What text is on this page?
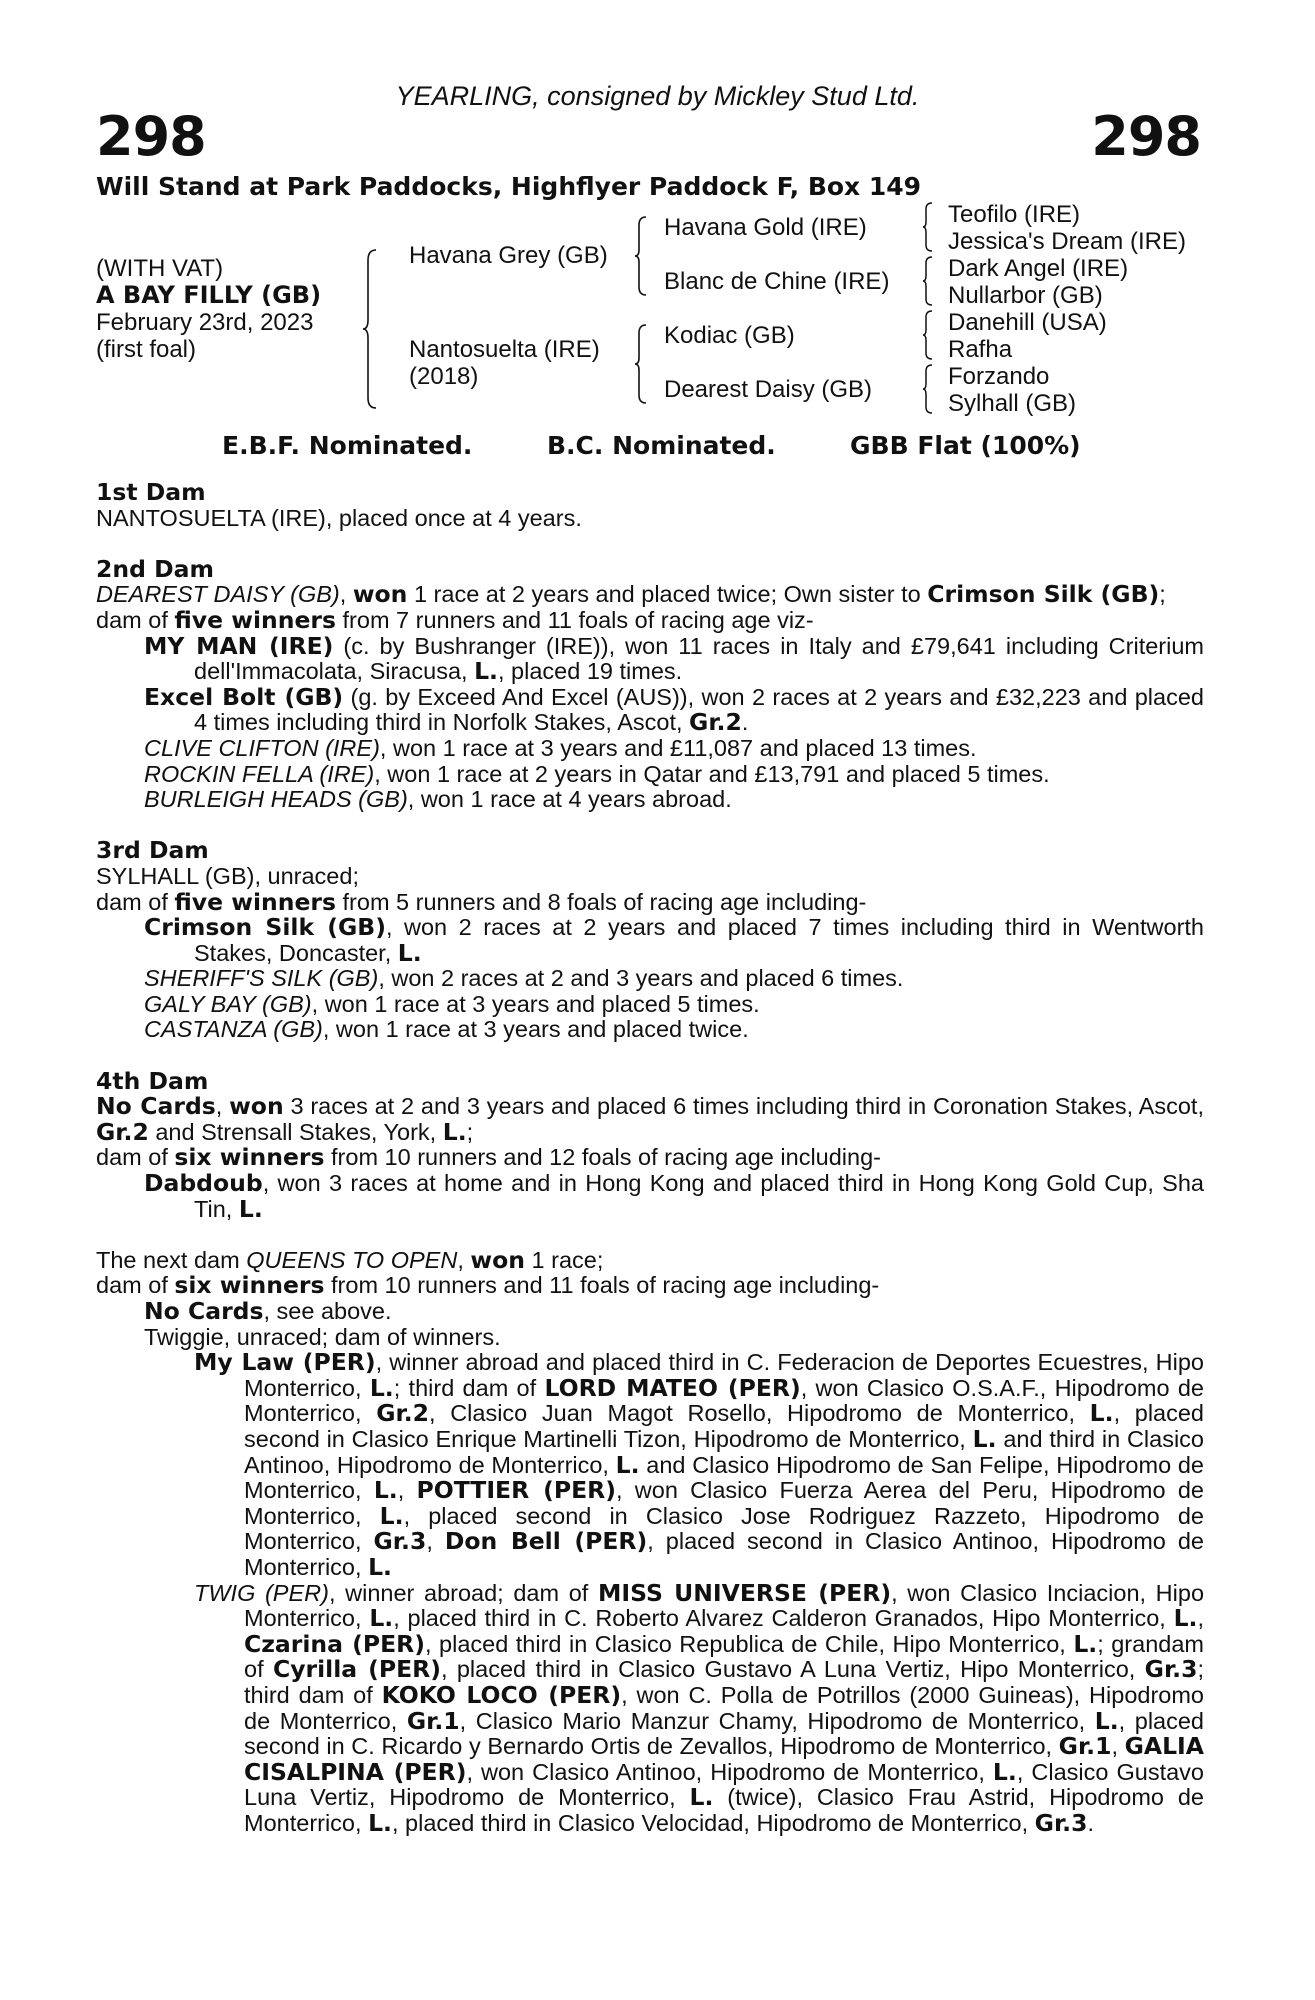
298
YEARLING, consigned by Mickley Stud Ltd.
298
Will Stand at Park Paddocks, Highflyer Paddock F, Box 149
(WITH VAT)
A BAY FILLY (GB)
February 23rd, 2023
(first foal)
Havana Grey (GB)
Nantosuelta (IRE)
(2018)
Havana Gold (IRE)
Blanc de Chine (IRE)
Kodiac (GB)
Dearest Daisy (GB)
Teofilo (IRE)
Jessica's Dream (IRE)
Dark Angel (IRE)
Nullarbor (GB)
Danehill (USA)
Rafha
Forzando
Sylhall (GB)
E.B.F. Nominated.	B.C. Nominated.	GBB Flat (100%)
1st Dam

NANTOSUELTA (IRE), placed once at 4 years.

2nd Dam

DEAREST DAISY (GB), won 1 race at 2 years and placed twice; Own sister to Crimson Silk (GB);

dam of five winners from 7 runners and 11 foals of racing age viz-

MY MAN (IRE) (c. by Bushranger (IRE)), won 11 races in Italy and £79,641 including Criterium dell'Immacolata, Siracusa, L., placed 19 times.

Excel Bolt (GB) (g. by Exceed And Excel (AUS)), won 2 races at 2 years and £32,223 and placed 4 times including third in Norfolk Stakes, Ascot, Gr.2.

CLIVE CLIFTON (IRE), won 1 race at 3 years and £11,087 and placed 13 times.

ROCKIN FELLA (IRE), won 1 race at 2 years in Qatar and £13,791 and placed 5 times.

BURLEIGH HEADS (GB), won 1 race at 4 years abroad.

3rd Dam

SYLHALL (GB), unraced;

dam of five winners from 5 runners and 8 foals of racing age including-

Crimson Silk (GB), won 2 races at 2 years and placed 7 times including third in Wentworth Stakes, Doncaster, L.

SHERIFF'S SILK (GB), won 2 races at 2 and 3 years and placed 6 times.

GALY BAY (GB), won 1 race at 3 years and placed 5 times.

CASTANZA (GB), won 1 race at 3 years and placed twice.

4th Dam

No Cards, won 3 races at 2 and 3 years and placed 6 times including third in Coronation Stakes, Ascot, Gr.2 and Strensall Stakes, York, L.;

dam of six winners from 10 runners and 12 foals of racing age including-

Dabdoub, won 3 races at home and in Hong Kong and placed third in Hong Kong Gold Cup, Sha Tin, L.

The next dam QUEENS TO OPEN, won 1 race;

dam of six winners from 10 runners and 11 foals of racing age including-

No Cards, see above.

Twiggie, unraced; dam of winners.

My Law (PER), winner abroad and placed third in C. Federacion de Deportes Ecuestres, Hipo Monterrico, L.; third dam of LORD MATEO (PER), won Clasico O.S.A.F., Hipodromo de Monterrico, Gr.2, Clasico Juan Magot Rosello, Hipodromo de Monterrico, L., placed second in Clasico Enrique Martinelli Tizon, Hipodromo de Monterrico, L. and third in Clasico Antinoo, Hipodromo de Monterrico, L. and Clasico Hipodromo de San Felipe, Hipodromo de Monterrico, L., POTTIER (PER), won Clasico Fuerza Aerea del Peru, Hipodromo de Monterrico, L., placed second in Clasico Jose Rodriguez Razzeto, Hipodromo de Monterrico, Gr.3, Don Bell (PER), placed second in Clasico Antinoo, Hipodromo de Monterrico, L.

TWIG (PER), winner abroad; dam of MISS UNIVERSE (PER), won Clasico Inciacion, Hipo Monterrico, L., placed third in C. Roberto Alvarez Calderon Granados, Hipo Monterrico, L., Czarina (PER), placed third in Clasico Republica de Chile, Hipo Monterrico, L.; grandam of Cyrilla (PER), placed third in Clasico Gustavo A Luna Vertiz, Hipo Monterrico, Gr.3; third dam of KOKO LOCO (PER), won C. Polla de Potrillos (2000 Guineas), Hipodromo de Monterrico, Gr.1, Clasico Mario Manzur Chamy, Hipodromo de Monterrico, L., placed second in C. Ricardo y Bernardo Ortis de Zevallos, Hipodromo de Monterrico, Gr.1, GALIA CISALPINA (PER), won Clasico Antinoo, Hipodromo de Monterrico, L., Clasico Gustavo Luna Vertiz, Hipodromo de Monterrico, L. (twice), Clasico Frau Astrid, Hipodromo de Monterrico, L., placed third in Clasico Velocidad, Hipodromo de Monterrico, Gr.3.
